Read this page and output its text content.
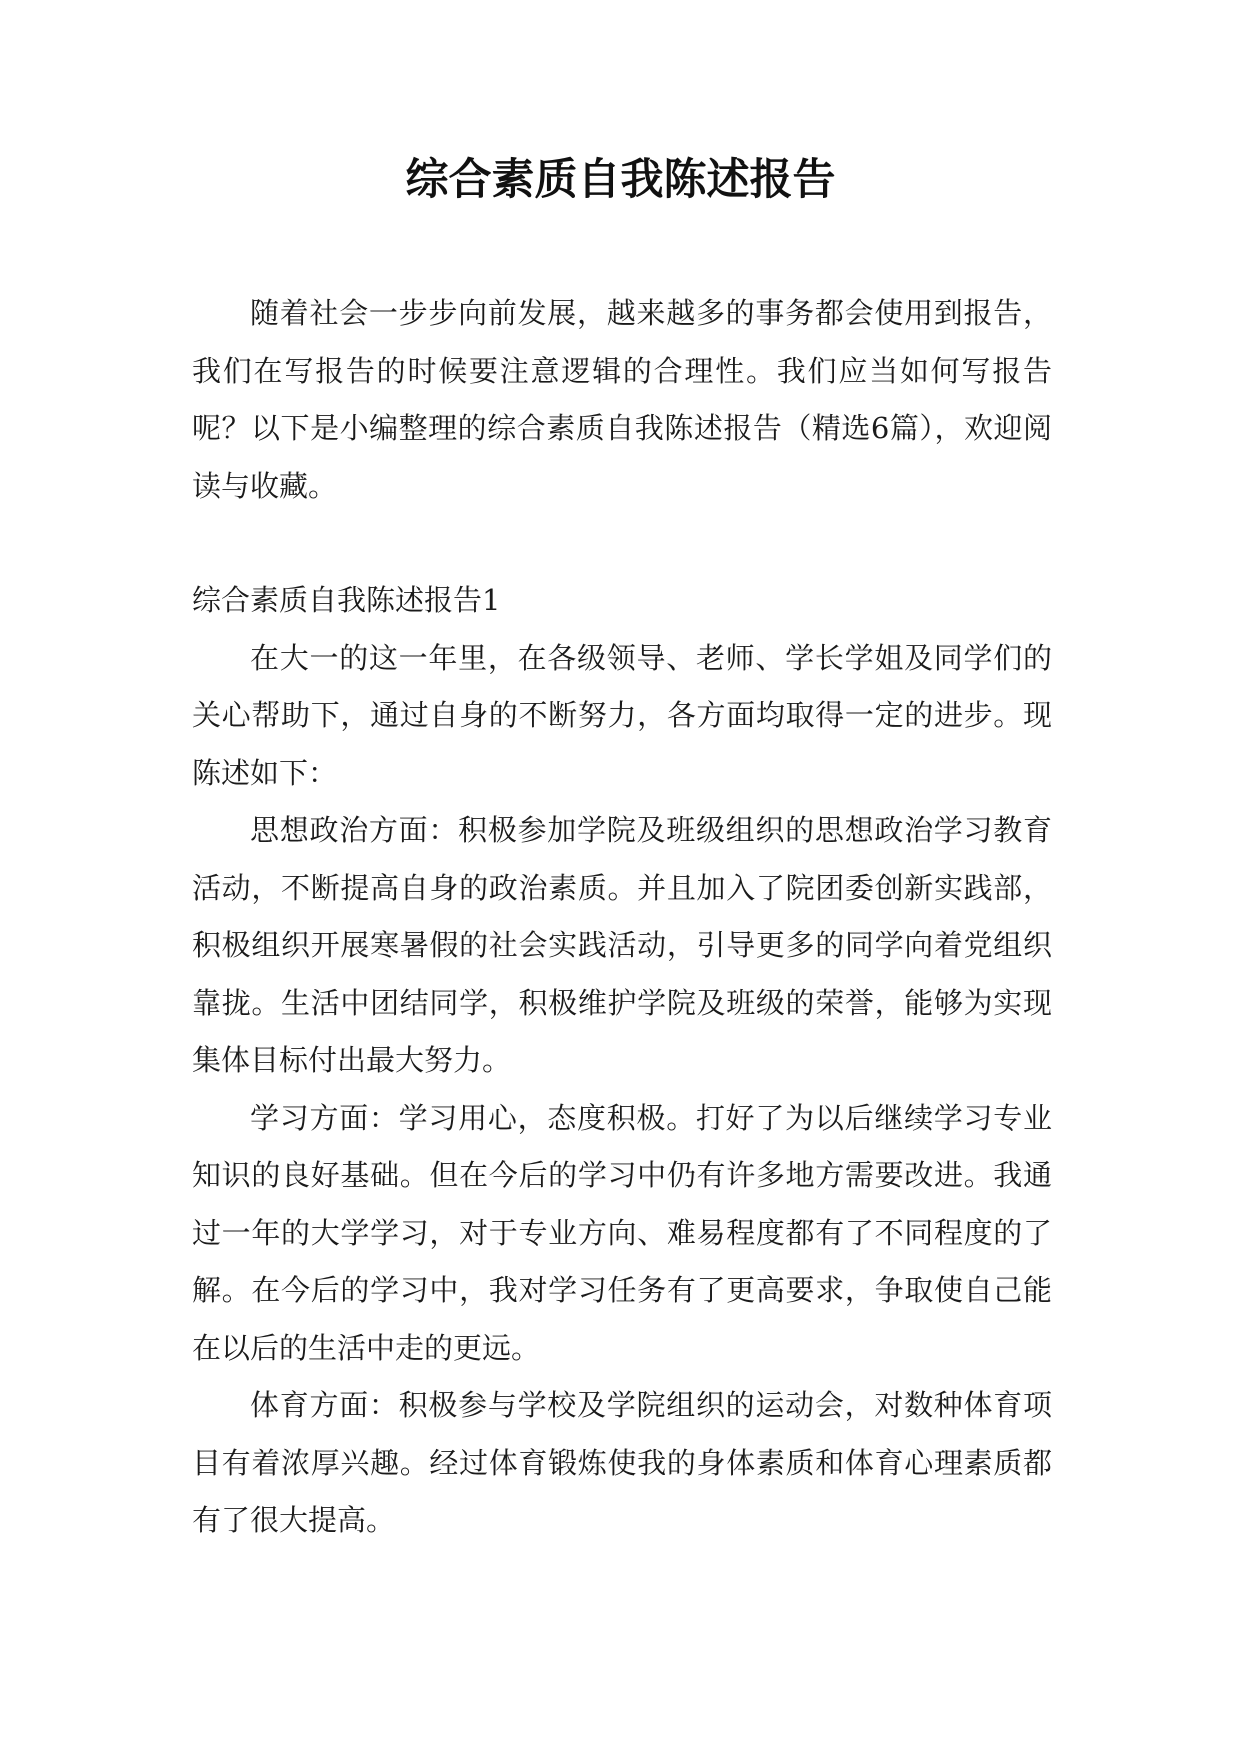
综合素质自我陈述报告

随着社会一步步向前发展，越来越多的事务都会使用到报告，我们在写报告的时候要注意逻辑的合理性。我们应当如何写报告呢？以下是小编整理的综合素质自我陈述报告（精选6篇），欢迎阅读与收藏。

综合素质自我陈述报告1

在大一的这一年里，在各级领导、老师、学长学姐及同学们的关心帮助下，通过自身的不断努力，各方面均取得一定的进步。现陈述如下：

思想政治方面：积极参加学院及班级组织的思想政治学习教育活动，不断提高自身的政治素质。并且加入了院团委创新实践部，积极组织开展寒暑假的社会实践活动，引导更多的同学向着党组织靠拢。生活中团结同学，积极维护学院及班级的荣誉，能够为实现集体目标付出最大努力。

学习方面：学习用心，态度积极。打好了为以后继续学习专业知识的良好基础。但在今后的学习中仍有许多地方需要改进。我通过一年的大学学习，对于专业方向、难易程度都有了不同程度的了解。在今后的学习中，我对学习任务有了更高要求，争取使自己能在以后的生活中走的更远。

体育方面：积极参与学校及学院组织的运动会，对数种体育项目有着浓厚兴趣。经过体育锻炼使我的身体素质和体育心理素质都有了很大提高。
